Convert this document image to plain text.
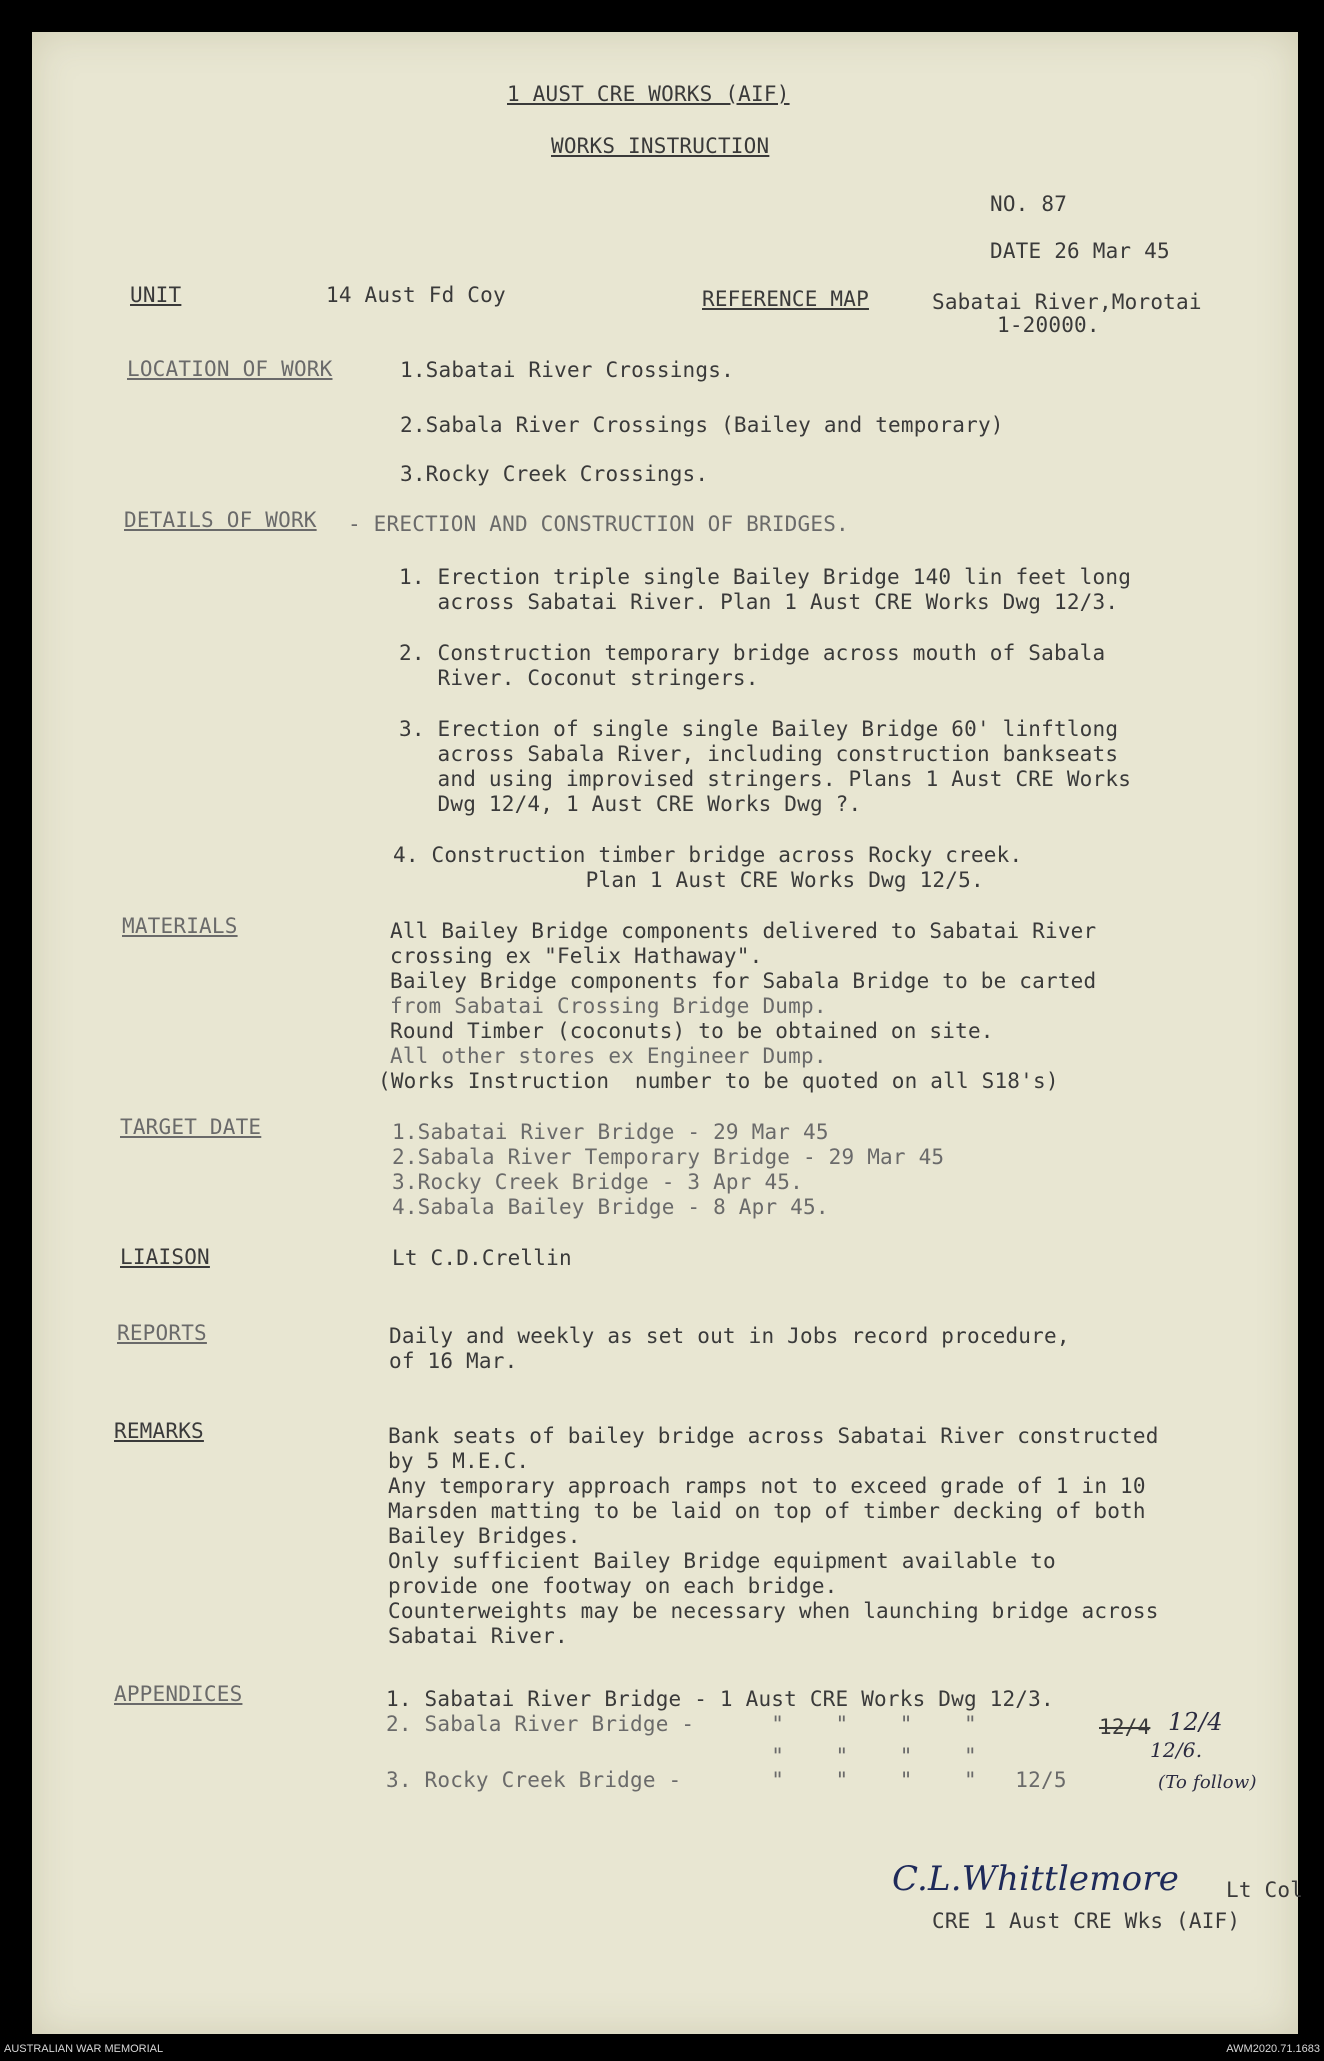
1 AUST CRE WORKS (AIF)
WORKS INSTRUCTION
NO. 87
DATE 26 Mar 45
UNIT	14 Aust Fd Coy	REFERENCE MAP	Sabatai River,Morotai
1-20000.
LOCATION OF WORK	1.Sabatai River Crossings.
2.Sabala River Crossings (Bailey and temporary)
3.Rocky Creek Crossings.
DETAILS OF WORK - ERECTION AND CONSTRUCTION OF BRIDGES.
1. Erection triple single Bailey Bridge 140 lin feet long
across Sabatai River. Plan 1 Aust CRE Works Dwg 12/3.
2. Construction temporary bridge across mouth of Sabala
River. Coconut stringers.
3. Erection of single single Bailey Bridge 60' linftlong
across Sabala River, including construction bankseats
and using improvised stringers. Plans 1 Aust CRE Works
Dwg 12/4, 1 Aust CRE Works Dwg ?.
4. Construction timber bridge across Rocky creek.
Plan 1 Aust CRE Works Dwg 12/5.
MATERIALS	All Bailey Bridge components delivered to Sabatai River
crossing ex "Felix Hathaway".
Bailey Bridge components for Sabala Bridge to be carted
from Sabatai Crossing Bridge Dump.
Round Timber (coconuts) to be obtained on site.
All other stores ex Engineer Dump.
(Works Instruction  number to be quoted on all S18's)
TARGET DATE	1.Sabatai River Bridge - 29 Mar 45
2.Sabala River Temporary Bridge - 29 Mar 45
3.Rocky Creek Bridge - 3 Apr 45.
4.Sabala Bailey Bridge - 8 Apr 45.
LIAISON	Lt C.D.Crellin
REPORTS	Daily and weekly as set out in Jobs record procedure,
of 16 Mar.
REMARKS	Bank seats of bailey bridge across Sabatai River constructed
by 5 M.E.C.
Any temporary approach ramps not to exceed grade of 1 in 10
Marsden matting to be laid on top of timber decking of both
Bailey Bridges.
Only sufficient Bailey Bridge equipment available to
provide one footway on each bridge.
Counterweights may be necessary when launching bridge across
Sabatai River.
APPENDICES	1. Sabatai River Bridge - 1 Aust CRE Works Dwg 12/3.
2. Sabala River Bridge -      "    "    "    "
"    "    "    "
3. Rocky Creek Bridge -       "    "    "    "   12/5
12/4 12/4
12/6.
(To follow)
C.L.Whittlemore Lt Col
CRE 1 Aust CRE Wks (AIF)
AUSTRALIAN WAR MEMORIAL	AWM2020.71.1683
